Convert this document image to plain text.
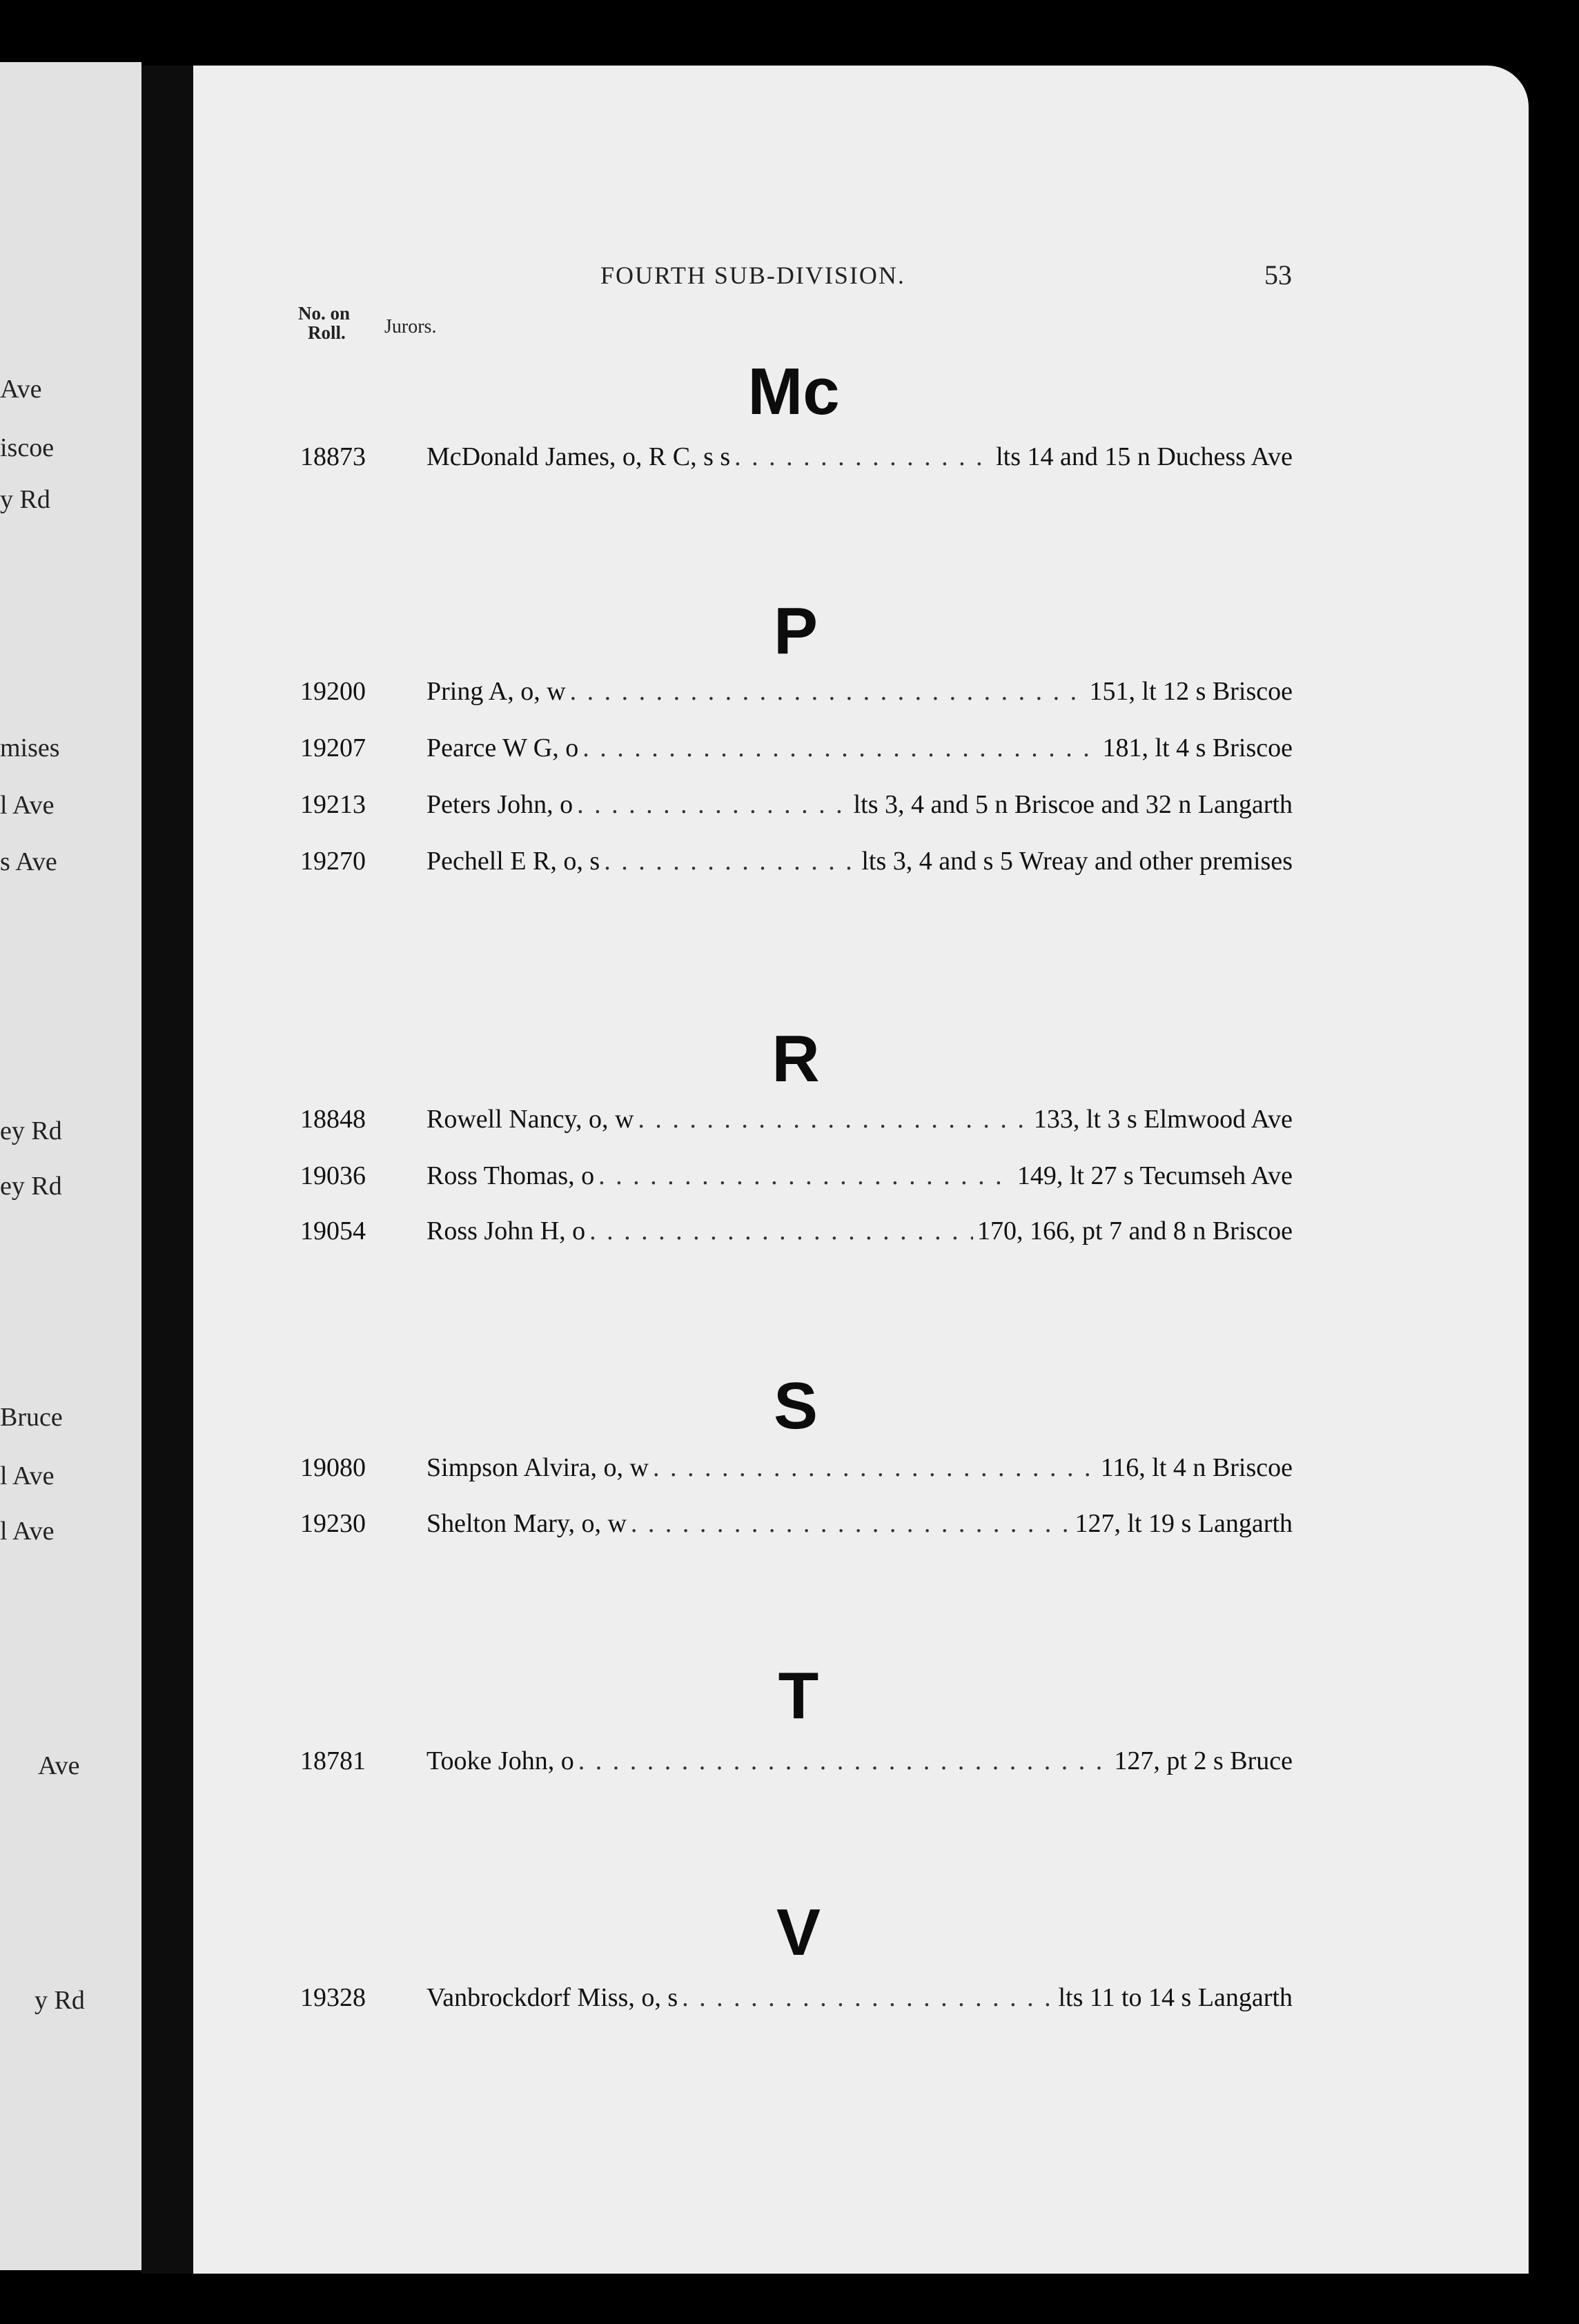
Ave
iscoe
y Rd
mises
l Ave
s Ave
ey Rd
ey Rd
Bruce
l Ave
l Ave
Ave
y Rd
FOURTH SUB-DIVISION.	53
No. on
Roll. Jurors.
Mc
18873 McDonald James, o, R C, s s . . .	lts 14 and 15 n Duchess Ave
P
19200 Pring A, o, w . . .	151, lt 12 s Briscoe
19207 Pearce W G, o . . .	181, lt 4 s Briscoe
19213 Peters John, o . . .	lts 3, 4 and 5 n Briscoe and 32 n Langarth
19270 Pechell E R, o, s . . .	lts 3, 4 and s 5 Wreay and other premises
R
18848 Rowell Nancy, o, w . . .	133, lt 3 s Elmwood Ave
19036 Ross Thomas, o . . .	149, lt 27 s Tecumseh Ave
19054 Ross John H, o . . .	170, 166, pt 7 and 8 n Briscoe
S
19080 Simpson Alvira, o, w . . .	116, lt 4 n Briscoe
19230 Shelton Mary, o, w . . .	127, lt 19 s Langarth
T
18781 Tooke John, o . . .	127, pt 2 s Bruce
V
19328 Vanbrockdorf Miss, o, s . . .	lts 11 to 14 s Langarth
